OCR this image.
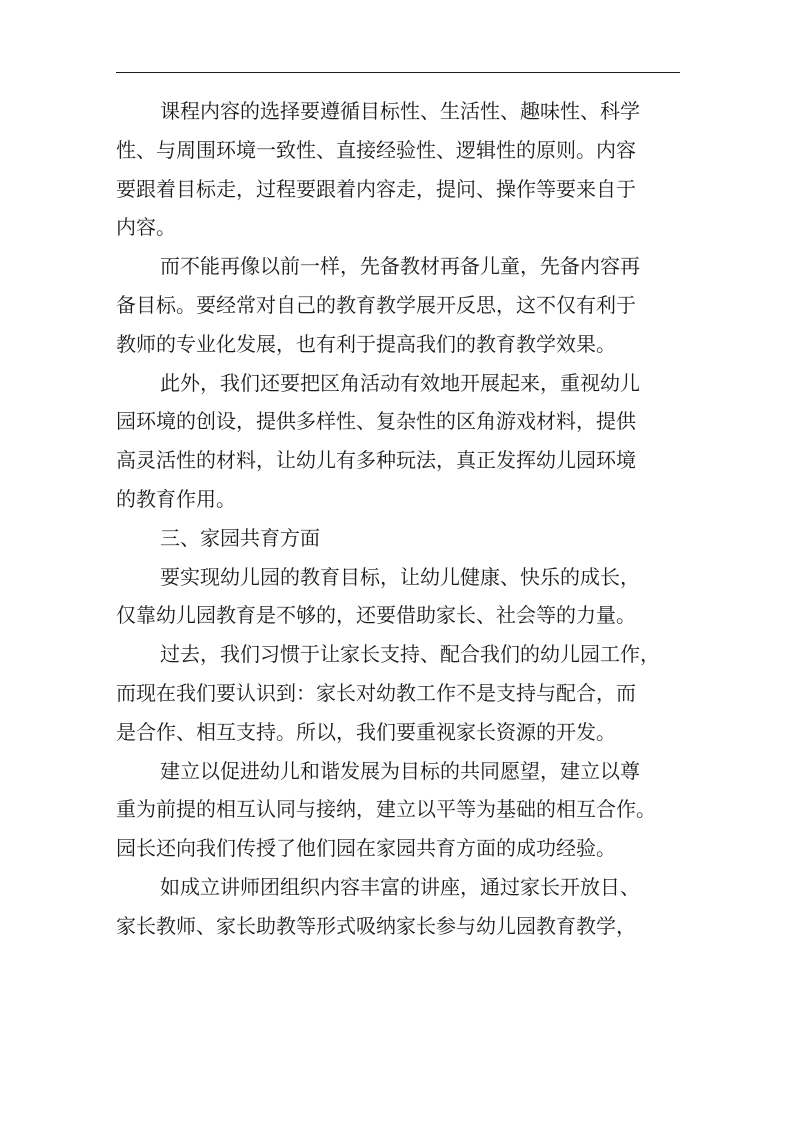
课程内容的选择要遵循目标性、生活性、趣味性、科学
性、与周围环境一致性、直接经验性、逻辑性的原则。内容
要跟着目标走，过程要跟着内容走，提问、操作等要来自于
内容。
而不能再像以前一样，先备教材再备儿童，先备内容再
备目标。要经常对自己的教育教学展开反思，这不仅有利于
教师的专业化发展，也有利于提高我们的教育教学效果。
此外，我们还要把区角活动有效地开展起来，重视幼儿
园环境的创设，提供多样性、复杂性的区角游戏材料，提供
高灵活性的材料，让幼儿有多种玩法，真正发挥幼儿园环境
的教育作用。
三、家园共育方面
要实现幼儿园的教育目标，让幼儿健康、快乐的成长，
仅靠幼儿园教育是不够的，还要借助家长、社会等的力量。
过去，我们习惯于让家长支持、配合我们的幼儿园工作，
而现在我们要认识到：家长对幼教工作不是支持与配合，而
是合作、相互支持。所以，我们要重视家长资源的开发。
建立以促进幼儿和谐发展为目标的共同愿望，建立以尊
重为前提的相互认同与接纳，建立以平等为基础的相互合作。
园长还向我们传授了他们园在家园共育方面的成功经验。
如成立讲师团组织内容丰富的讲座，通过家长开放日、
家长教师、家长助教等形式吸纳家长参与幼儿园教育教学，
